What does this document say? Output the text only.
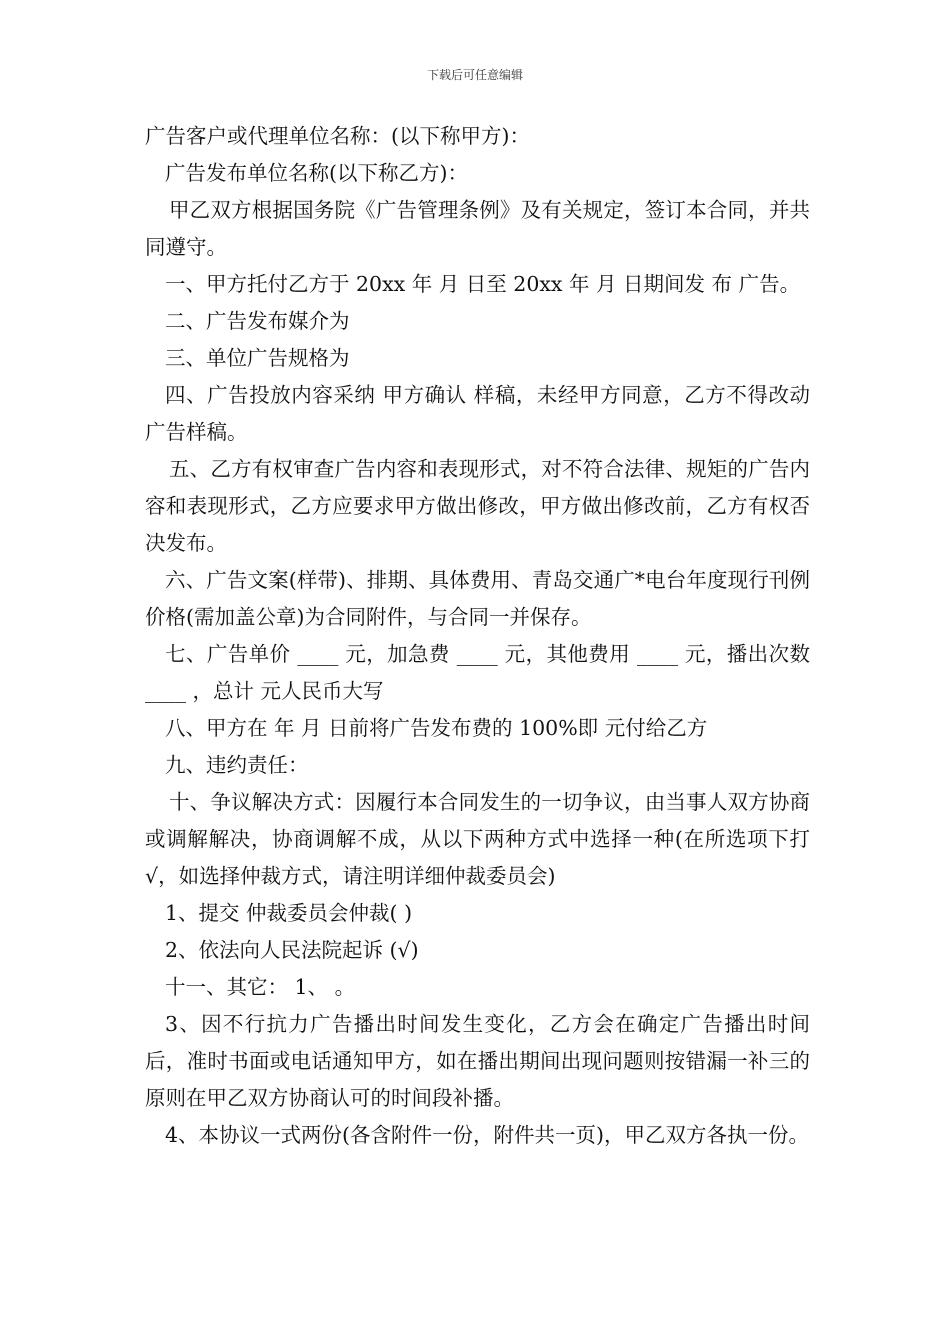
下载后可任意编辑

广告客户或代理单位名称：(以下称甲方)：

广告发布单位名称(以下称乙方)：

甲乙双方根据国务院《广告管理条例》及有关规定，签订本合同，并共同遵守。

一、甲方托付乙方于 20xx 年 月 日至 20xx 年 月 日期间发 布 广告。

二、广告发布媒介为

三、单位广告规格为

四、广告投放内容采纳 甲方确认 样稿，未经甲方同意，乙方不得改动广告样稿。

五、乙方有权审查广告内容和表现形式，对不符合法律、规矩的广告内容和表现形式，乙方应要求甲方做出修改，甲方做出修改前，乙方有权否决发布。

六、广告文案(样带)、排期、具体费用、青岛交通广*电台年度现行刊例价格(需加盖公章)为合同附件，与合同一并保存。

七、广告单价 ____ 元，加急费 ____ 元，其他费用 ____ 元，播出次数 ____ ，总计 元人民币大写

八、甲方在 年 月 日前将广告发布费的 100%即 元付给乙方

九、违约责任：

十、争议解决方式：因履行本合同发生的一切争议，由当事人双方协商或调解解决，协商调解不成，从以下两种方式中选择一种(在所选项下打 √，如选择仲裁方式，请注明详细仲裁委员会)

1、提交 仲裁委员会仲裁( )

2、依法向人民法院起诉 (√)

十一、其它： 1、 。

3、因不行抗力广告播出时间发生变化，乙方会在确定广告播出时间后，准时书面或电话通知甲方，如在播出期间出现问题则按错漏一补三的原则在甲乙双方协商认可的时间段补播。

4、本协议一式两份(各含附件一份，附件共一页)，甲乙双方各执一份。
